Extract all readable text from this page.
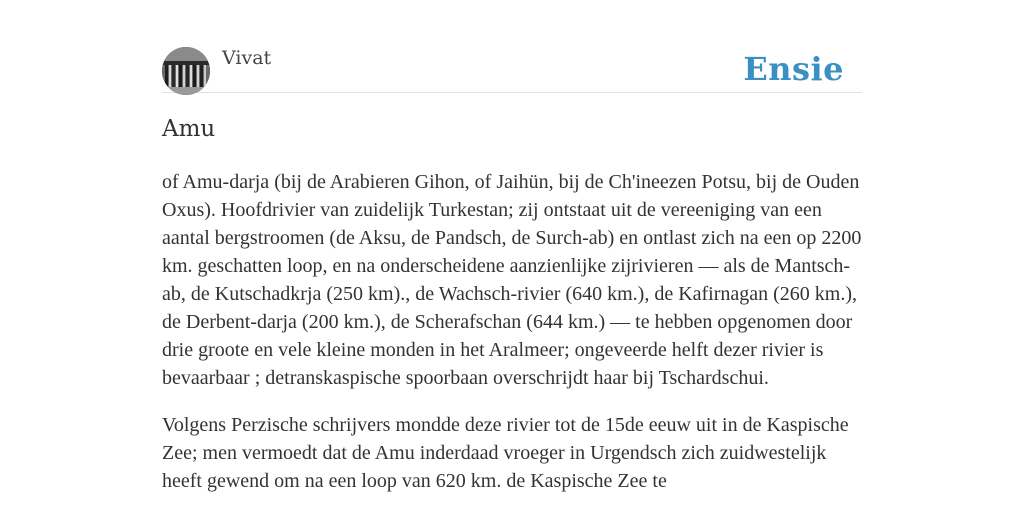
Vivat	Ensie
Amu

of Amu-darja (bij de Arabieren Gihon, of Jaihün, bij de Ch'ineezen Potsu, bij de Ouden Oxus). Hoofdrivier van zuidelijk Turkestan; zij ontstaat uit de vereeniging van een aantal bergstroomen (de Aksu, de Pandsch, de Surch-ab) en ontlast zich na een op 2200 km. geschatten loop, en na onderscheidene aanzienlijke zijrivieren — als de Mantsch-ab, de Kutschadkrja (250 km)., de Wachsch-rivier (640 km.), de Kafirnagan (260 km.), de Derbent-darja (200 km.), de Scherafschan (644 km.) — te hebben opgenomen door drie groote en vele kleine monden in het Aralmeer; ongeveerde helft dezer rivier is bevaarbaar ; detranskaspische spoorbaan overschrijdt haar bij Tschardschui.

Volgens Perzische schrijvers mondde deze rivier tot de 15de eeuw uit in de Kaspische Zee; men vermoedt dat de Amu inderdaad vroeger in Urgendsch zich zuidwestelijk heeft gewend om na een loop van 620 km. de Kaspische Zee te
